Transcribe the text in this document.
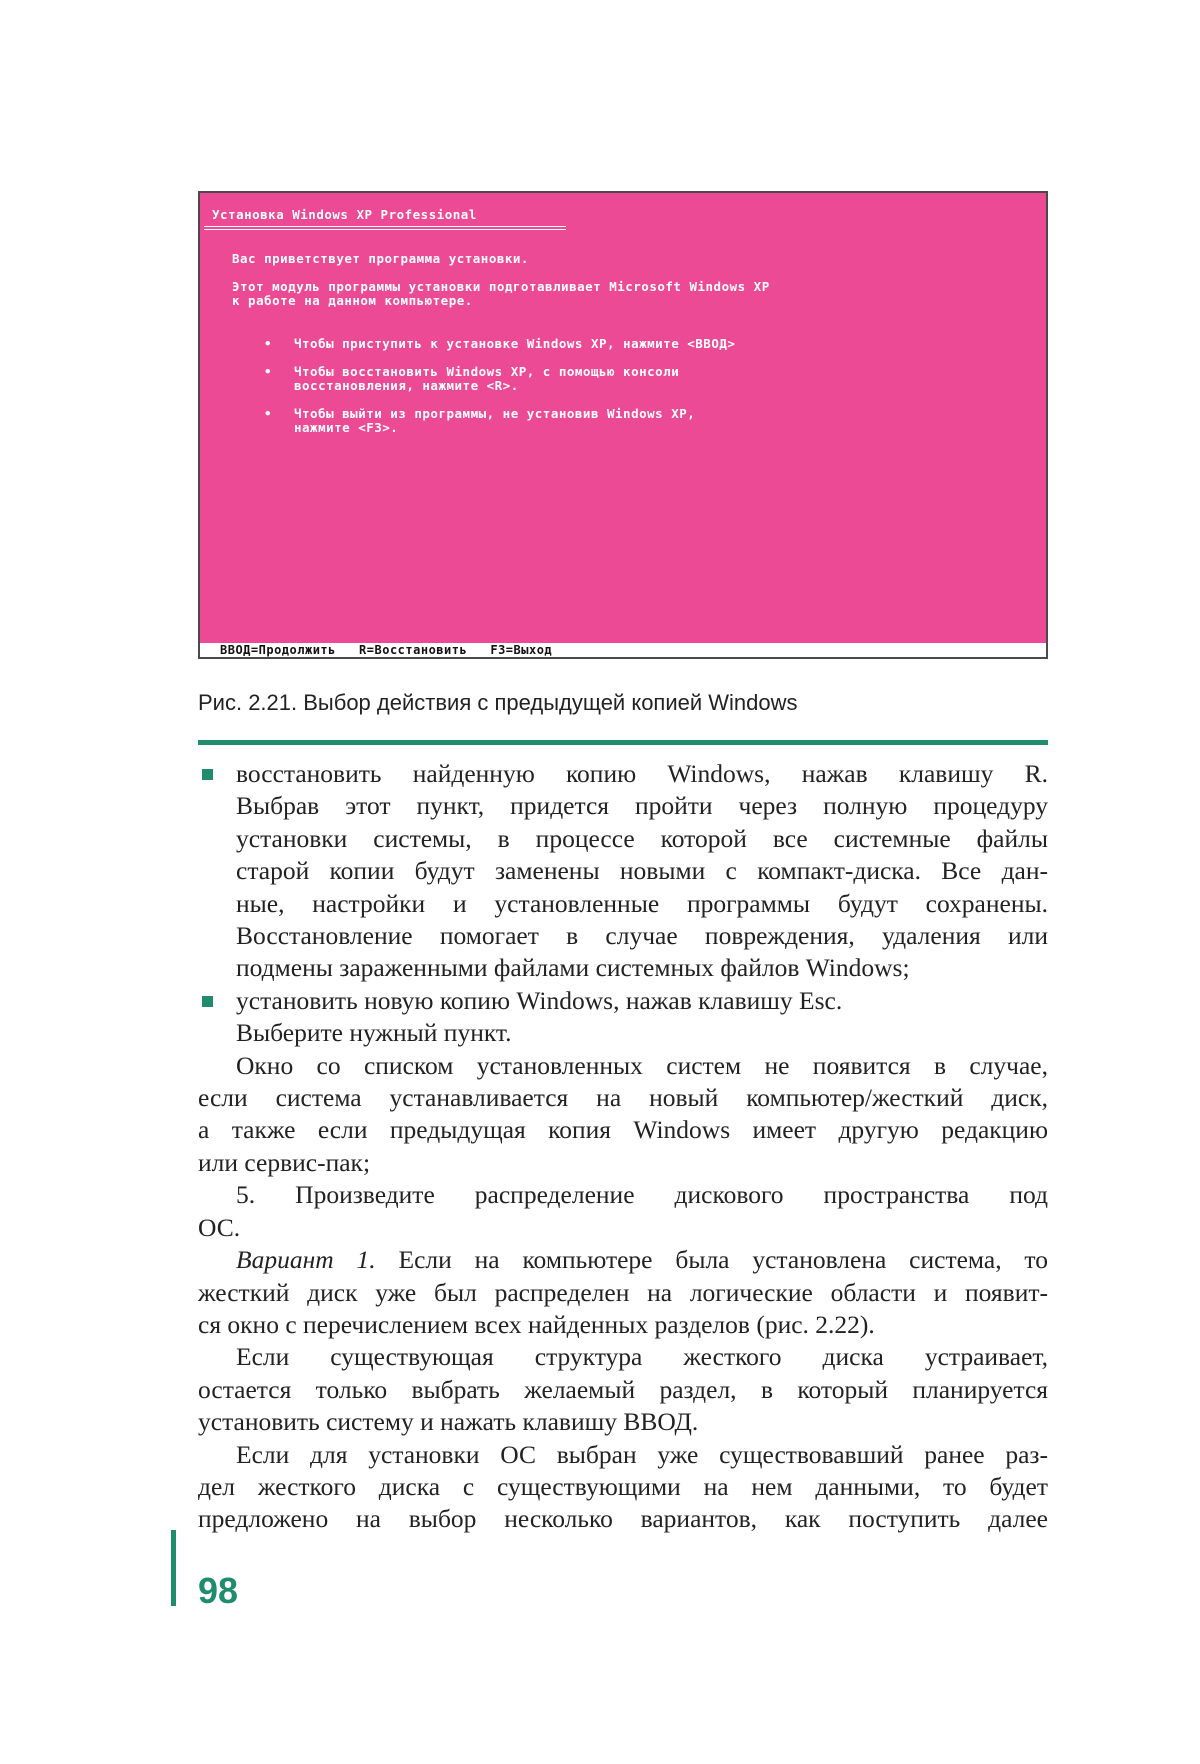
Установка Windows XP Professional
Вас приветствует программа установки.
Этот модуль программы установки подготавливает Microsoft Windows XP
к работе на данном компьютере.
• Чтобы приступить к установке Windows XP, нажмите <ВВОД>
• Чтобы восстановить Windows XP, с помощью консоли
восстановления, нажмите <R>.
• Чтобы выйти из программы, не установив Windows XP,
нажмите <F3>.
ВВОД=Продолжить   R=Восстановить   F3=Выход
Рис. 2.21. Выбор действия с предыдущей копией Windows
восстановить найденную копию Windows, нажав клавишу R.
Выбрав этот пункт, придется пройти через полную процедуру
установки системы, в процессе которой все системные файлы
старой копии будут заменены новыми с компакт-диска. Все дан-
ные, настройки и установленные программы будут сохранены.
Восстановление помогает в случае повреждения, удаления или
подмены зараженными файлами системных файлов Windows;
установить новую копию Windows, нажав клавишу Esc.
Выберите нужный пункт.
Окно со списком установленных систем не появится в случае,
если система устанавливается на новый компьютер/жесткий диск,
а также если предыдущая копия Windows имеет другую редакцию
или сервис-пак;
5. Произведите распределение дискового пространства под
ОС.
Вариант 1. Если на компьютере была установлена система, то
жесткий диск уже был распределен на логические области и появит-
ся окно с перечислением всех найденных разделов (рис. 2.22).
Если существующая структура жесткого диска устраивает,
остается только выбрать желаемый раздел, в который планируется
установить систему и нажать клавишу ВВОД.
Если для установки ОС выбран уже существовавший ранее раз-
дел жесткого диска с существующими на нем данными, то будет
предложено на выбор несколько вариантов, как поступить далее
98
